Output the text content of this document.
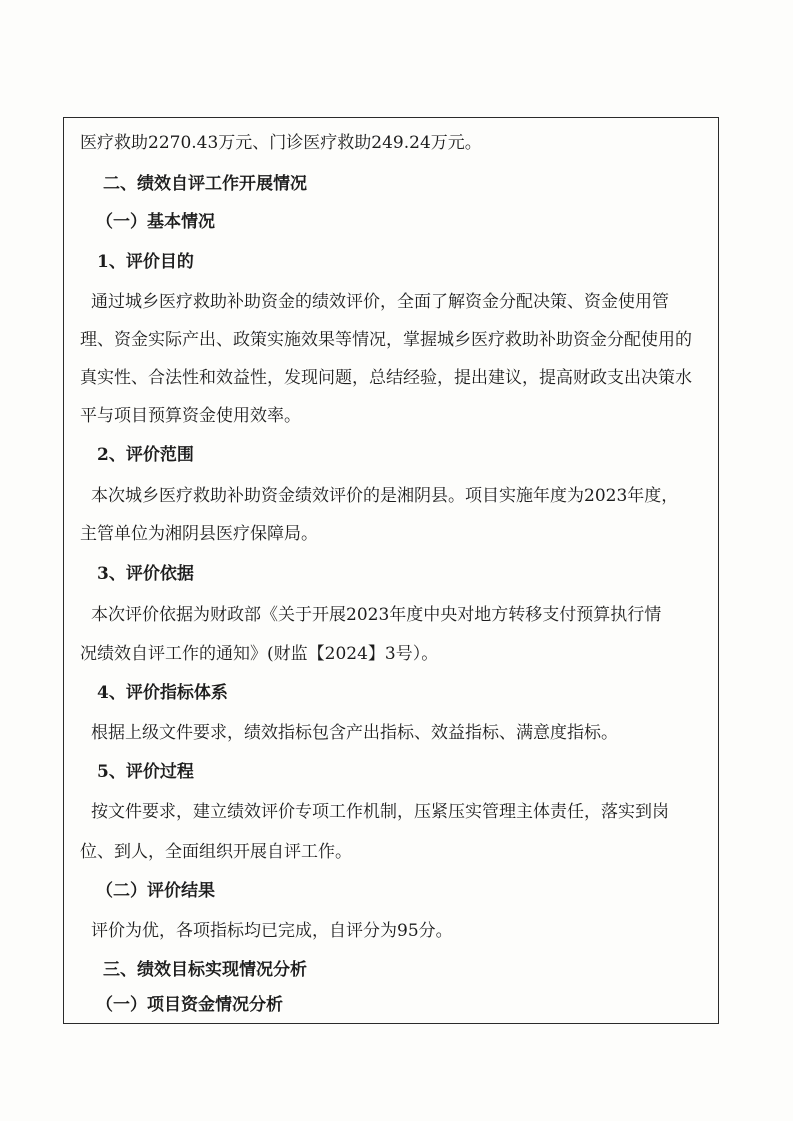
医疗救助2270.43万元、门诊医疗救助249.24万元。
二、绩效自评工作开展情况
（一）基本情况
1、评价目的
通过城乡医疗救助补助资金的绩效评价，全面了解资金分配决策、资金使用管
理、资金实际产出、政策实施效果等情况，掌握城乡医疗救助补助资金分配使用的
真实性、合法性和效益性，发现问题，总结经验，提出建议，提高财政支出决策水
平与项目预算资金使用效率。
2、评价范围
本次城乡医疗救助补助资金绩效评价的是湘阴县。项目实施年度为2023年度，
主管单位为湘阴县医疗保障局。
3、评价依据
本次评价依据为财政部《关于开展2023年度中央对地方转移支付预算执行情
况绩效自评工作的通知》(财监【2024】3号）。
4、评价指标体系
根据上级文件要求，绩效指标包含产出指标、效益指标、满意度指标。
5、评价过程
按文件要求，建立绩效评价专项工作机制，压紧压实管理主体责任，落实到岗
位、到人，全面组织开展自评工作。
（二）评价结果
评价为优，各项指标均已完成，自评分为95分。
三、绩效目标实现情况分析
（一）项目资金情况分析
